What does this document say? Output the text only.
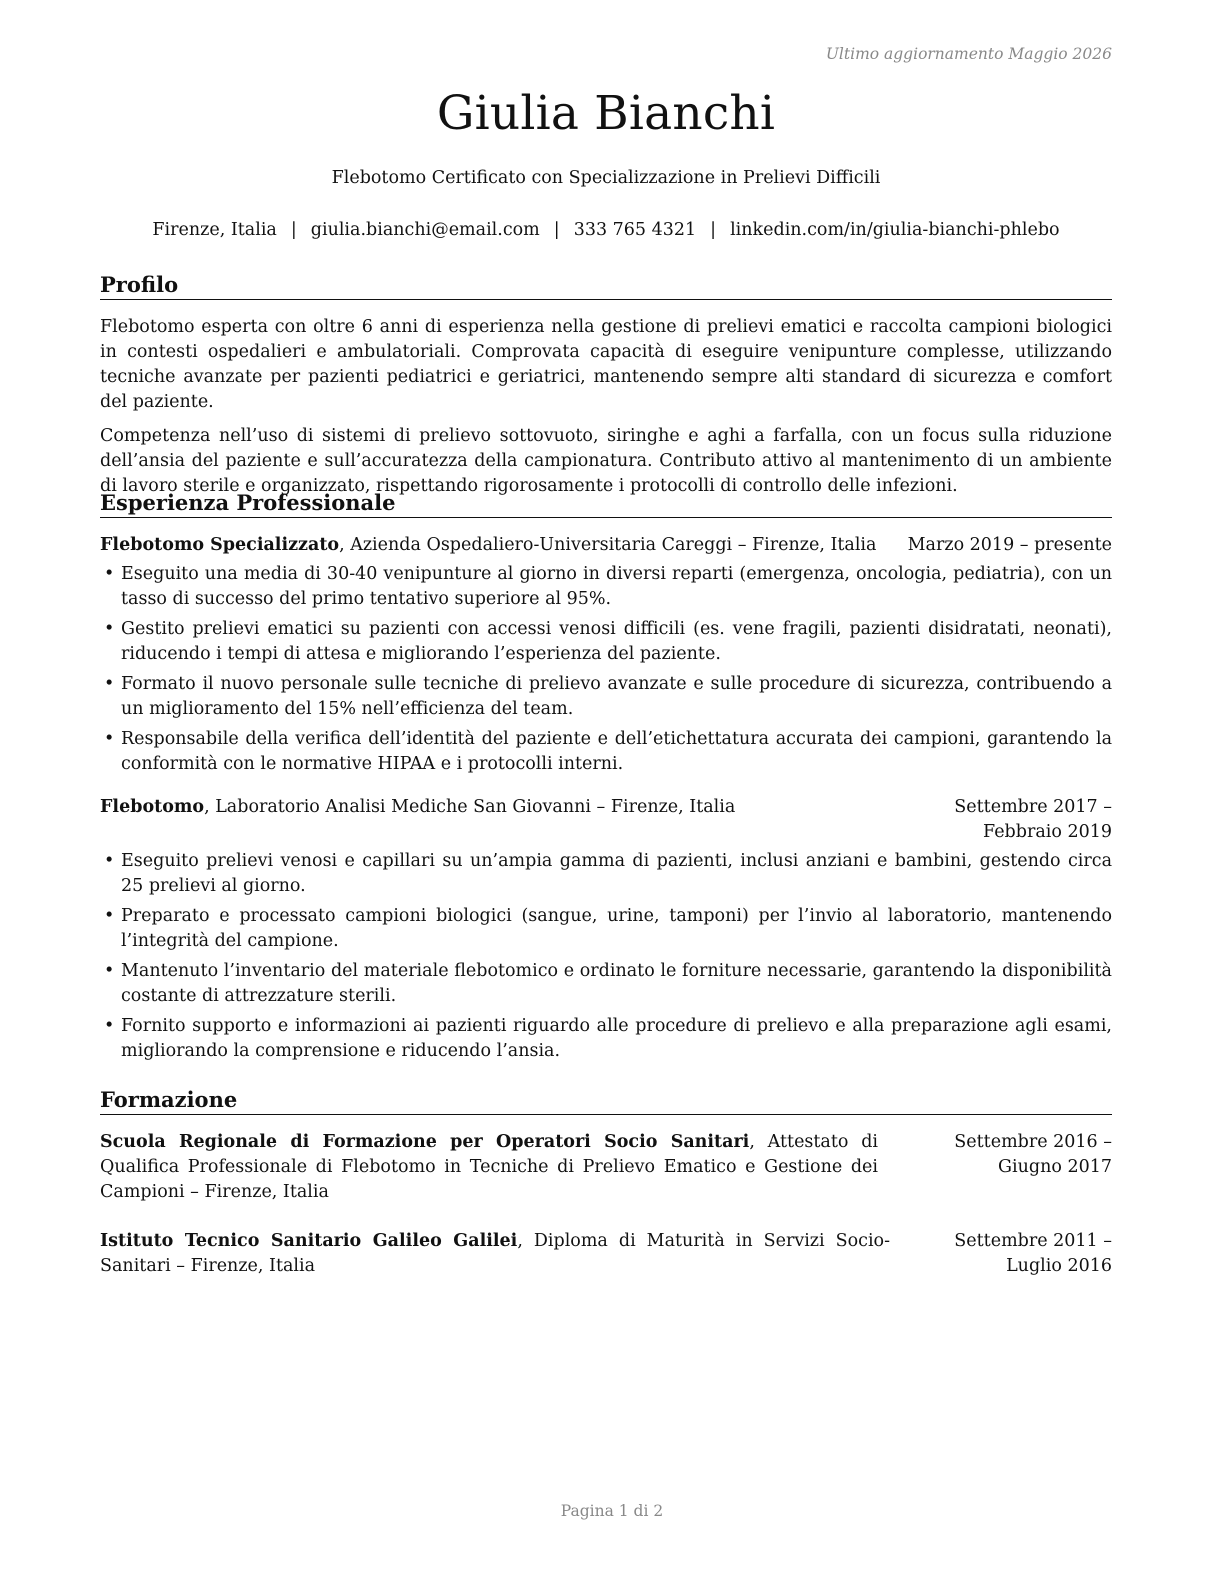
Ultimo aggiornamento Maggio 2026
Giulia Bianchi
Flebotomo Certificato con Specializzazione in Prelievi Difficili
Firenze, Italia | giulia.bianchi@email.com | 333 765 4321 | linkedin.com/in/giulia-bianchi-phlebo
Profilo

Flebotomo esperta con oltre 6 anni di esperienza nella gestione di prelievi ematici e raccolta campioni biologici in contesti ospedalieri e ambulatoriali. Comprovata capacità di eseguire venipunture complesse, utilizzando tecniche avanzate per pazienti pediatrici e geriatrici, mantenendo sempre alti standard di sicurezza e comfort del paziente.

Competenza nell’uso di sistemi di prelievo sottovuoto, siringhe e aghi a farfalla, con un focus sulla riduzione dell’ansia del paziente e sull’accuratezza della campionatura. Contributo attivo al mantenimento di un ambiente di lavoro sterile e organizzato, rispettando rigorosamente i protocolli di controllo delle infezioni.

Esperienza Professionale
Flebotomo Specializzato, Azienda Ospedaliero-Universitaria Careggi – Firenze, Italia	Marzo 2019 – presente
• Eseguito una media di 30-40 venipunture al giorno in diversi reparti (emergenza, oncologia, pediatria), con un tasso di successo del primo tentativo superiore al 95%.
• Gestito prelievi ematici su pazienti con accessi venosi difficili (es. vene fragili, pazienti disidratati, neonati), riducendo i tempi di attesa e migliorando l’esperienza del paziente.
• Formato il nuovo personale sulle tecniche di prelievo avanzate e sulle procedure di sicurezza, contribuendo a un miglioramento del 15% nell’efficienza del team.
• Responsabile della verifica dell’identità del paziente e dell’etichettatura accurata dei campioni, garantendo la conformità con le normative HIPAA e i protocolli interni.
Flebotomo, Laboratorio Analisi Mediche San Giovanni – Firenze, Italia	Settembre 2017 – Febbraio 2019
• Eseguito prelievi venosi e capillari su un’ampia gamma di pazienti, inclusi anziani e bambini, gestendo circa 25 prelievi al giorno.
• Preparato e processato campioni biologici (sangue, urine, tamponi) per l’invio al laboratorio, mantenendo l’integrità del campione.
• Mantenuto l’inventario del materiale flebotomico e ordinato le forniture necessarie, garantendo la disponibilità costante di attrezzature sterili.
• Fornito supporto e informazioni ai pazienti riguardo alle procedure di prelievo e alla preparazione agli esami, migliorando la comprensione e riducendo l’ansia.
Formazione
Scuola Regionale di Formazione per Operatori Socio Sanitari, Attestato di Qualifica Professionale di Flebotomo in Tecniche di Prelievo Ematico e Gestione dei Campioni – Firenze, Italia
Settembre 2016 – Giugno 2017
Istituto Tecnico Sanitario Galileo Galilei, Diploma di Maturità in Servizi Socio-Sanitari – Firenze, Italia
Settembre 2011 – Luglio 2016
Pagina 1 di 2
